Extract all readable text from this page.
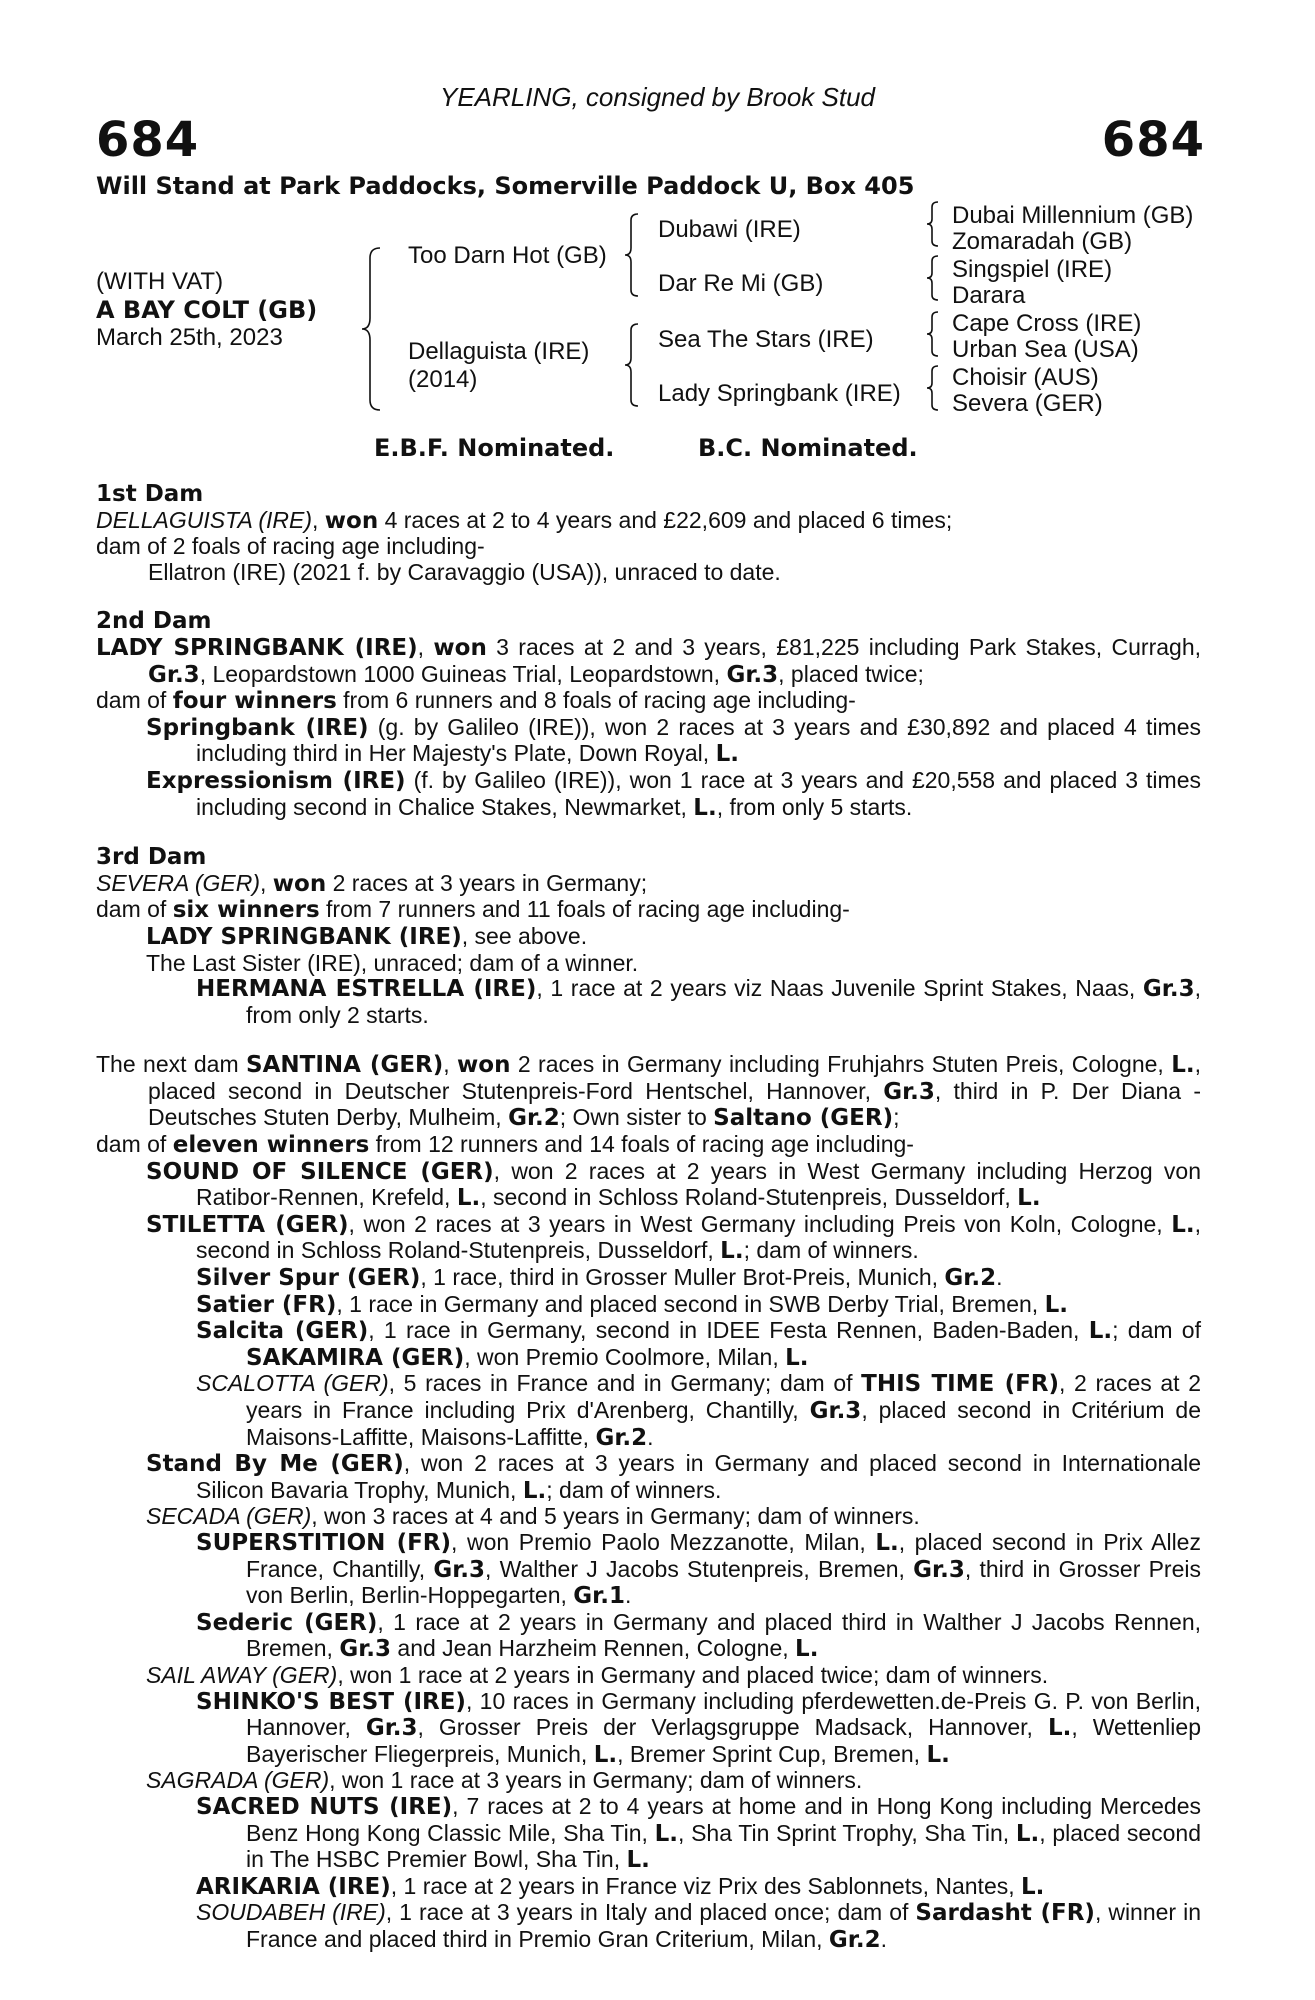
YEARLING, consigned by Brook Stud
684	684
Will Stand at Park Paddocks, Somerville Paddock U, Box 405
(WITH VAT)
A BAY COLT (GB)
March 25th, 2023
Too Darn Hot (GB)
Dellaguista (IRE)
(2014)
Dubawi (IRE)
Dar Re Mi (GB)
Sea The Stars (IRE)
Lady Springbank (IRE)
Dubai Millennium (GB)
Zomaradah (GB)
Singspiel (IRE)
Darara
Cape Cross (IRE)
Urban Sea (USA)
Choisir (AUS)
Severa (GER)
E.B.F. Nominated.	B.C. Nominated.

1st Dam

DELLAGUISTA (IRE), won 4 races at 2 to 4 years and £22,609 and placed 6 times;

dam of 2 foals of racing age including-

Ellatron (IRE) (2021 f. by Caravaggio (USA)), unraced to date.

2nd Dam

LADY SPRINGBANK (IRE), won 3 races at 2 and 3 years, £81,225 including Park Stakes, Curragh, Gr.3, Leopardstown 1000 Guineas Trial, Leopardstown, Gr.3, placed twice;

dam of four winners from 6 runners and 8 foals of racing age including-

Springbank (IRE) (g. by Galileo (IRE)), won 2 races at 3 years and £30,892 and placed 4 times including third in Her Majesty's Plate, Down Royal, L.

Expressionism (IRE) (f. by Galileo (IRE)), won 1 race at 3 years and £20,558 and placed 3 times including second in Chalice Stakes, Newmarket, L., from only 5 starts.

3rd Dam

SEVERA (GER), won 2 races at 3 years in Germany;

dam of six winners from 7 runners and 11 foals of racing age including-

LADY SPRINGBANK (IRE), see above.

The Last Sister (IRE), unraced; dam of a winner.

HERMANA ESTRELLA (IRE), 1 race at 2 years viz Naas Juvenile Sprint Stakes, Naas, Gr.3, from only 2 starts.

The next dam SANTINA (GER), won 2 races in Germany including Fruhjahrs Stuten Preis, Cologne, L., placed second in Deutscher Stutenpreis-Ford Hentschel, Hannover, Gr.3, third in P. Der Diana - Deutsches Stuten Derby, Mulheim, Gr.2; Own sister to Saltano (GER);

dam of eleven winners from 12 runners and 14 foals of racing age including-

SOUND OF SILENCE (GER), won 2 races at 2 years in West Germany including Herzog von Ratibor-Rennen, Krefeld, L., second in Schloss Roland-Stutenpreis, Dusseldorf, L.

STILETTA (GER), won 2 races at 3 years in West Germany including Preis von Koln, Cologne, L., second in Schloss Roland-Stutenpreis, Dusseldorf, L.; dam of winners.

Silver Spur (GER), 1 race, third in Grosser Muller Brot-Preis, Munich, Gr.2.

Satier (FR), 1 race in Germany and placed second in SWB Derby Trial, Bremen, L.

Salcita (GER), 1 race in Germany, second in IDEE Festa Rennen, Baden-Baden, L.; dam of SAKAMIRA (GER), won Premio Coolmore, Milan, L.

SCALOTTA (GER), 5 races in France and in Germany; dam of THIS TIME (FR), 2 races at 2 years in France including Prix d'Arenberg, Chantilly, Gr.3, placed second in Critérium de Maisons-Laffitte, Maisons-Laffitte, Gr.2.

Stand By Me (GER), won 2 races at 3 years in Germany and placed second in Internationale Silicon Bavaria Trophy, Munich, L.; dam of winners.

SECADA (GER), won 3 races at 4 and 5 years in Germany; dam of winners.

SUPERSTITION (FR), won Premio Paolo Mezzanotte, Milan, L., placed second in Prix Allez France, Chantilly, Gr.3, Walther J Jacobs Stutenpreis, Bremen, Gr.3, third in Grosser Preis von Berlin, Berlin-Hoppegarten, Gr.1.

Sederic (GER), 1 race at 2 years in Germany and placed third in Walther J Jacobs Rennen, Bremen, Gr.3 and Jean Harzheim Rennen, Cologne, L.

SAIL AWAY (GER), won 1 race at 2 years in Germany and placed twice; dam of winners.

SHINKO'S BEST (IRE), 10 races in Germany including pferdewetten.de-Preis G. P. von Berlin, Hannover, Gr.3, Grosser Preis der Verlagsgruppe Madsack, Hannover, L., Wettenliep Bayerischer Fliegerpreis, Munich, L., Bremer Sprint Cup, Bremen, L.

SAGRADA (GER), won 1 race at 3 years in Germany; dam of winners.

SACRED NUTS (IRE), 7 races at 2 to 4 years at home and in Hong Kong including Mercedes Benz Hong Kong Classic Mile, Sha Tin, L., Sha Tin Sprint Trophy, Sha Tin, L., placed second in The HSBC Premier Bowl, Sha Tin, L.

ARIKARIA (IRE), 1 race at 2 years in France viz Prix des Sablonnets, Nantes, L.

SOUDABEH (IRE), 1 race at 3 years in Italy and placed once; dam of Sardasht (FR), winner in France and placed third in Premio Gran Criterium, Milan, Gr.2.
